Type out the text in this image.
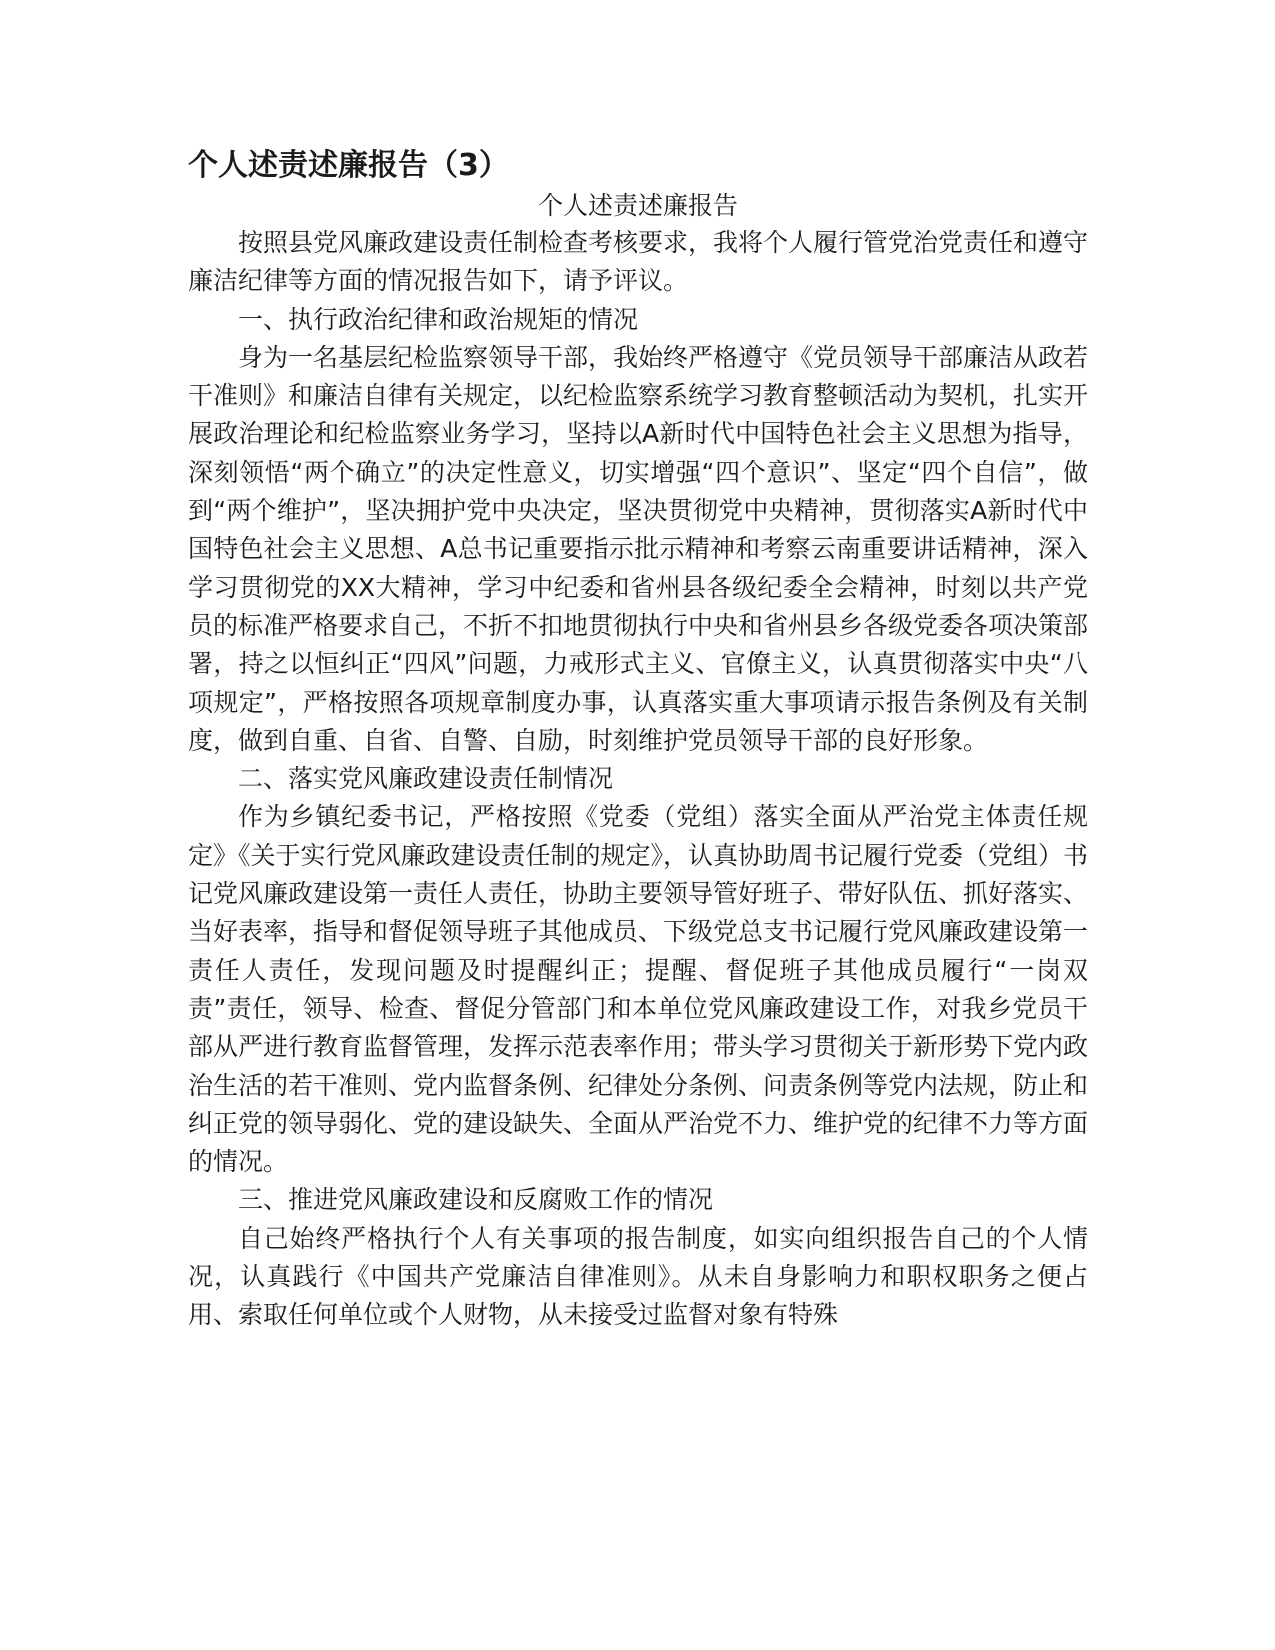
个人述责述廉报告（3）

个人述责述廉报告

按照县党风廉政建设责任制检查考核要求，我将个人履行管党治党责任和遵守廉洁纪律等方面的情况报告如下，请予评议。

一、执行政治纪律和政治规矩的情况

身为一名基层纪检监察领导干部，我始终严格遵守《党员领导干部廉洁从政若干准则》和廉洁自律有关规定，以纪检监察系统学习教育整顿活动为契机，扎实开展政治理论和纪检监察业务学习，坚持以A新时代中国特色社会主义思想为指导，深刻领悟“两个确立”的决定性意义，切实增强“四个意识”、坚定“四个自信”，做到“两个维护”，坚决拥护党中央决定，坚决贯彻党中央精神，贯彻落实A新时代中国特色社会主义思想、A总书记重要指示批示精神和考察云南重要讲话精神，深入学习贯彻党的XX大精神，学习中纪委和省州县各级纪委全会精神，时刻以共产党员的标准严格要求自己，不折不扣地贯彻执行中央和省州县乡各级党委各项决策部署，持之以恒纠正“四风”问题，力戒形式主义、官僚主义，认真贯彻落实中央“八项规定”，严格按照各项规章制度办事，认真落实重大事项请示报告条例及有关制度，做到自重、自省、自警、自励，时刻维护党员领导干部的良好形象。

二、落实党风廉政建设责任制情况

作为乡镇纪委书记，严格按照《党委（党组）落实全面从严治党主体责任规定》《关于实行党风廉政建设责任制的规定》，认真协助周书记履行党委（党组）书记党风廉政建设第一责任人责任，协助主要领导管好班子、带好队伍、抓好落实、当好表率，指导和督促领导班子其他成员、下级党总支书记履行党风廉政建设第一责任人责任，发现问题及时提醒纠正；提醒、督促班子其他成员履行“一岗双责”责任，领导、检查、督促分管部门和本单位党风廉政建设工作，对我乡党员干部从严进行教育监督管理，发挥示范表率作用；带头学习贯彻关于新形势下党内政治生活的若干准则、党内监督条例、纪律处分条例、问责条例等党内法规，防止和纠正党的领导弱化、党的建设缺失、全面从严治党不力、维护党的纪律不力等方面的情况。

三、推进党风廉政建设和反腐败工作的情况

自己始终严格执行个人有关事项的报告制度，如实向组织报告自己的个人情况，认真践行《中国共产党廉洁自律准则》。从未自身影响力和职权职务之便占用、索取任何单位或个人财物，从未接受过监督对象有特殊
